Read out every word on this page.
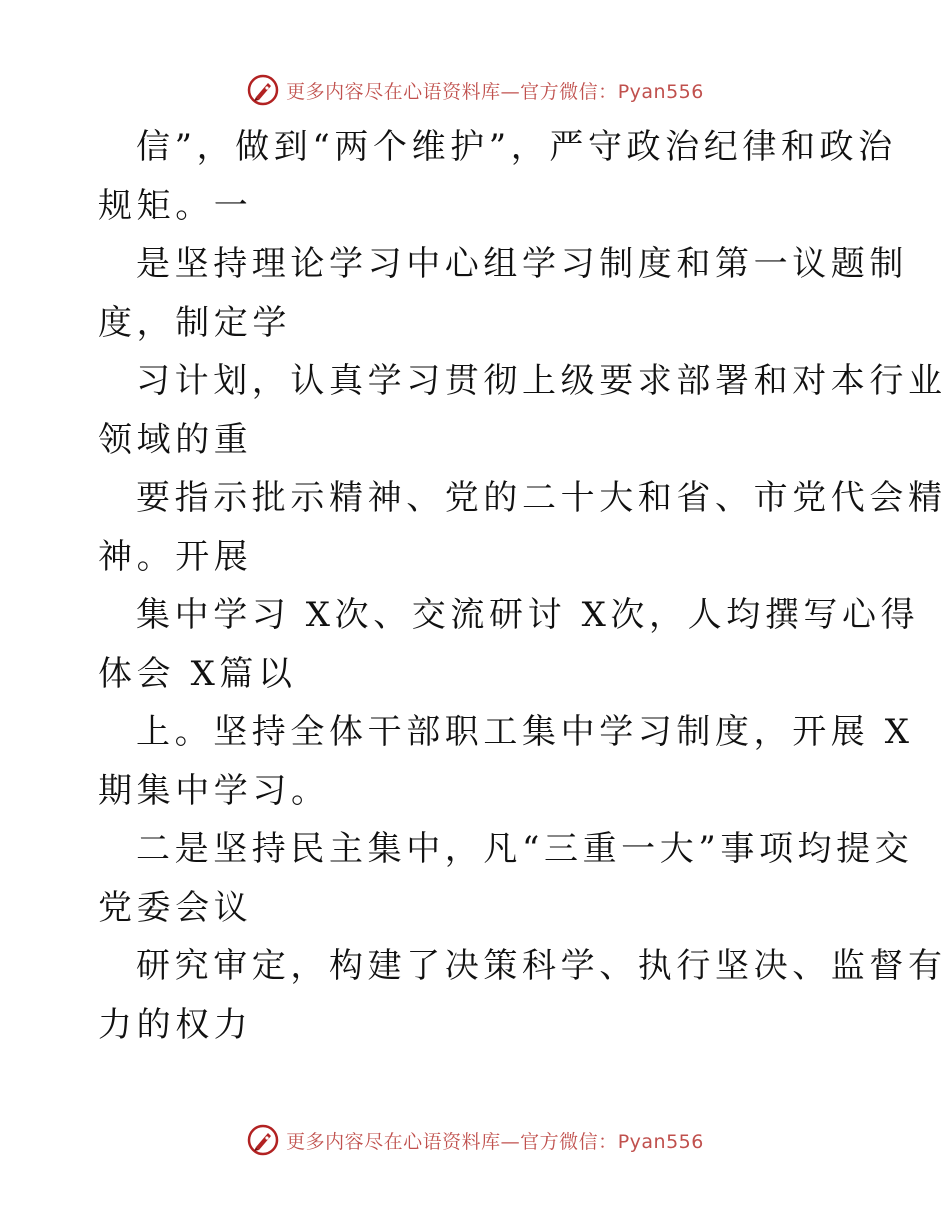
更多内容尽在心语资料库—官方微信：Pyan556
信”，做到“两个维护”，严守政治纪律和政治
规矩。一
是坚持理论学习中心组学习制度和第一议题制
度，制定学
习计划，认真学习贯彻上级要求部署和对本行业
领域的重
要指示批示精神、党的二十大和省、市党代会精
神。开展
集中学习 X次、交流研讨 X次，人均撰写心得
体会 X篇以
上。坚持全体干部职工集中学习制度，开展 X
期集中学习。
二是坚持民主集中，凡“三重一大”事项均提交
党委会议
研究审定，构建了决策科学、执行坚决、监督有
力的权力
更多内容尽在心语资料库—官方微信：Pyan556
